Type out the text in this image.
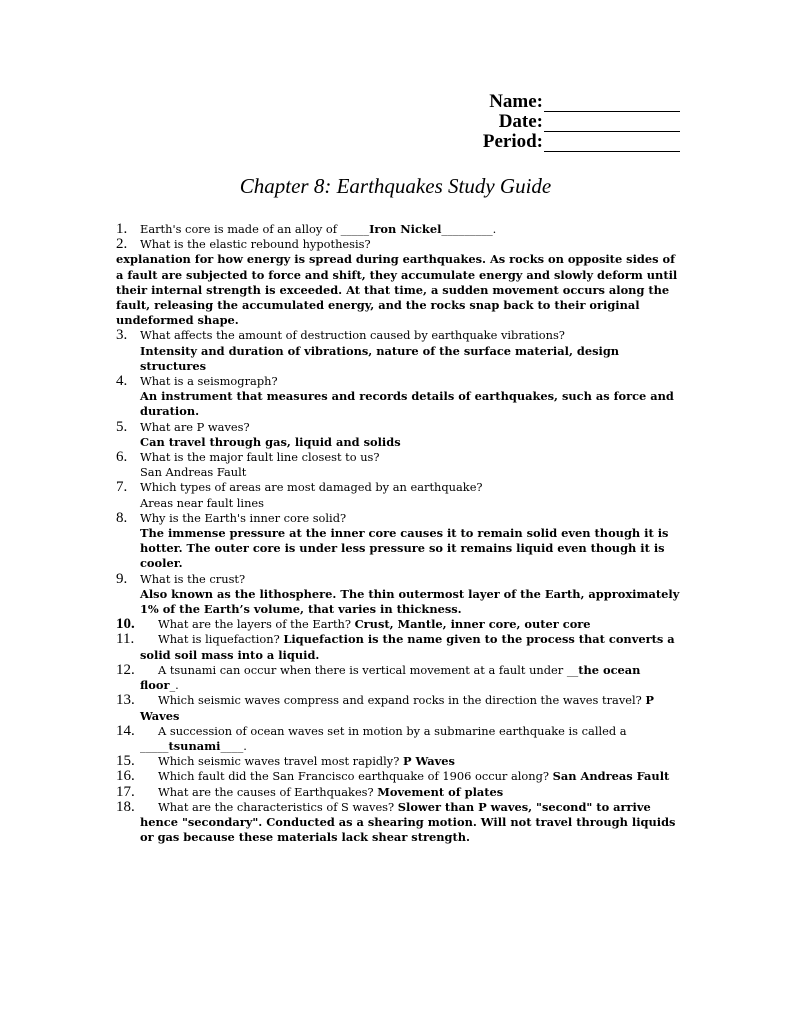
Name:
Date:
Period:
Chapter 8: Earthquakes Study Guide
1.	Earth's core is made of an alloy of _____Iron Nickel_________.
2.	What is the elastic rebound hypothesis?
explanation for how energy is spread during earthquakes. As rocks on opposite sides of a fault are subjected to force and shift, they accumulate energy and slowly deform until their internal strength is exceeded. At that time, a sudden movement occurs along the fault, releasing the accumulated energy, and the rocks snap back to their original undeformed shape.
3. What affects the amount of destruction caused by earthquake vibrations?
Intensity and duration of vibrations, nature of the surface material, design structures
4. What is a seismograph?
An instrument that measures and records details of earthquakes, such as force and duration.
5. What are P waves?
Can travel through gas, liquid and solids
6. What is the major fault line closest to us?
San Andreas Fault
7. Which types of areas are most damaged by an earthquake?
Areas near fault lines
8. Why is the Earth's inner core solid?
The immense pressure at the inner core causes it to remain solid even though it is hotter. The outer core is under less pressure so it remains liquid even though it is cooler.
9. What is the crust?
Also known as the lithosphere. The thin outermost layer of the Earth, approximately 1% of the Earth’s volume, that varies in thickness.
10.	What are the layers of the Earth? Crust, Mantle, inner core, outer core
11.	What is liquefaction? Liquefaction is the name given to the process that converts a solid soil mass into a liquid.
12.	A tsunami can occur when there is vertical movement at a fault under __the ocean floor_.
13.	Which seismic waves compress and expand rocks in the direction the waves travel? P Waves
14.	A succession of ocean waves set in motion by a submarine earthquake is called a _____tsunami____.
15.	Which seismic waves travel most rapidly? P Waves
16.	Which fault did the San Francisco earthquake of 1906 occur along? San Andreas Fault
17.	What are the causes of Earthquakes? Movement of plates
18.	What are the characteristics of S waves? Slower than P waves, "second" to arrive hence "secondary". Conducted as a shearing motion. Will not travel through liquids or gas because these materials lack shear strength.
